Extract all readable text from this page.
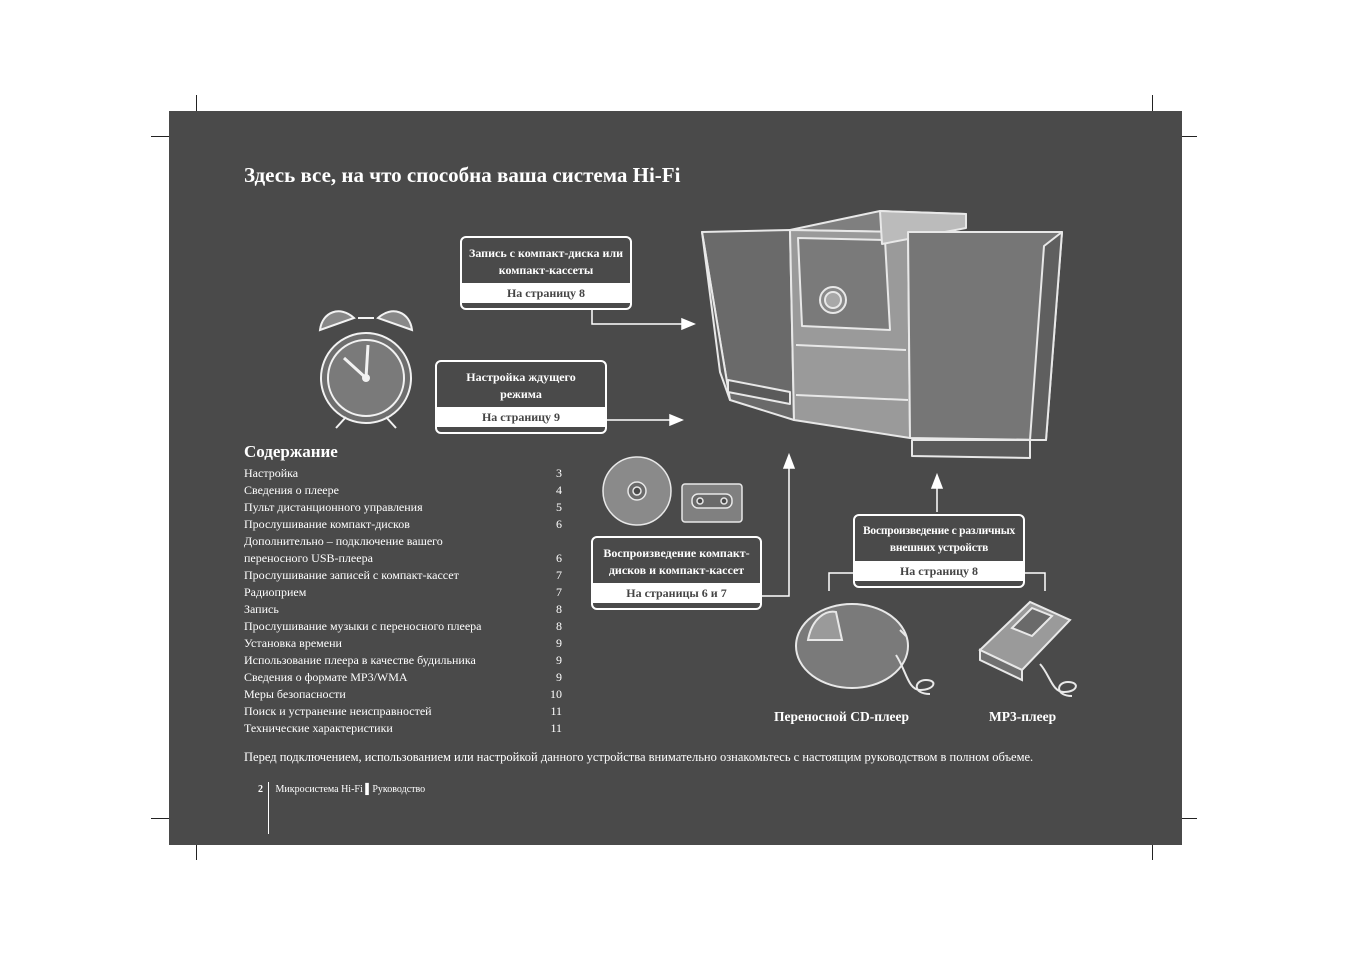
Здесь все, на что способна ваша система Hi-Fi
Запись с компакт-диска или компакт-кассеты
На страницу 8
Настройка ждущего режима
На страницу 9
Воспроизведение компакт-дисков и компакт-кассет
На страницы 6 и 7
Воспроизведение с различных внешних устройств
На страницу 8
Переносной CD-плеер	MP3-плеер
Содержание
Настройка	3
Сведения о плеере	4
Пульт дистанционного управления	5
Прослушивание компакт-дисков	6
Дополнительно – подключение вашего
переносного USB-плеера	6
Прослушивание записей с компакт-кассет	7
Радиоприем	7
Запись	8
Прослушивание музыки с переносного плеера	8
Установка времени	9
Использование плеера в качестве будильника	9
Сведения о формате MP3/WMA	9
Меры безопасности	10
Поиск и устранение неисправностей	11
Технические характеристики	11
Перед подключением, использованием или настройкой данного устройства внимательно ознакомьтесь с настоящим руководством в полном объеме.
2 Микросистема Hi-Fi ▌Руководство
